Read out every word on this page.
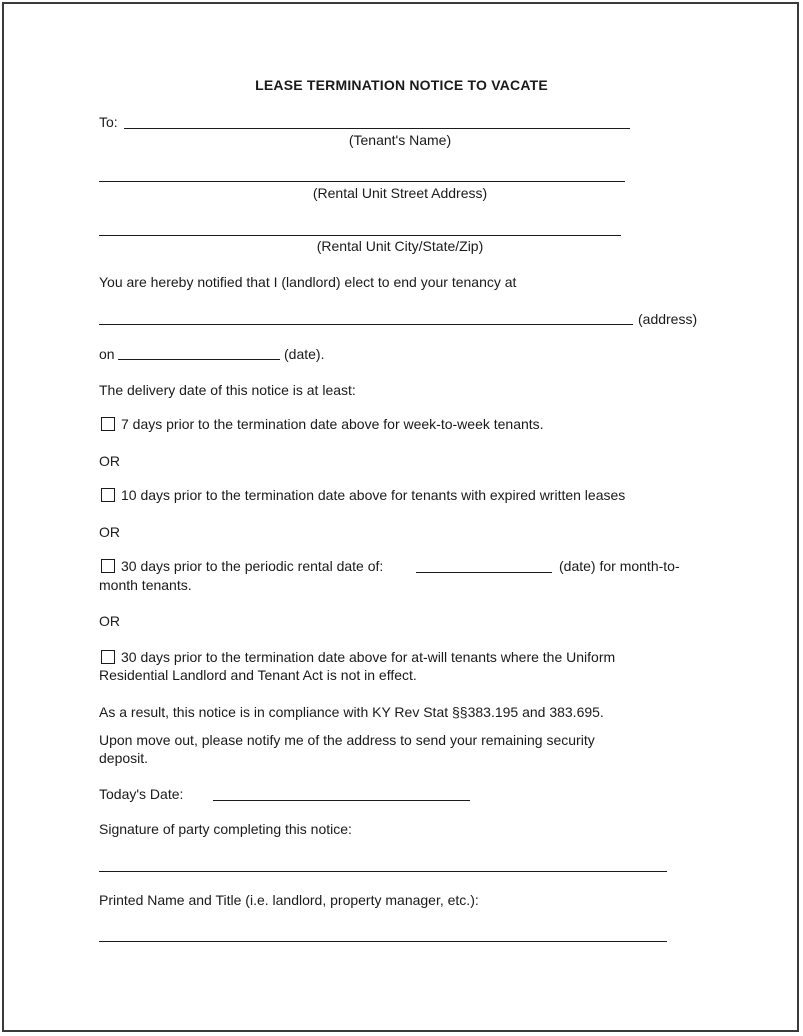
LEASE TERMINATION NOTICE TO VACATE
To:
(Tenant's Name)
(Rental Unit Street Address)
(Rental Unit City/State/Zip)
You are hereby notified that I (landlord) elect to end your tenancy at
(address)
on	(date).
The delivery date of this notice is at least:
7 days prior to the termination date above for week-to-week tenants.
OR
10 days prior to the termination date above for tenants with expired written leases
OR
30 days prior to the periodic rental date of:	(date) for month-to-
month tenants.
OR
30 days prior to the termination date above for at-will tenants where the Uniform
Residential Landlord and Tenant Act is not in effect.
As a result, this notice is in compliance with KY Rev Stat §§383.195 and 383.695.
Upon move out, please notify me of the address to send your remaining security
deposit.
Today's Date:
Signature of party completing this notice:
Printed Name and Title (i.e. landlord, property manager, etc.):
